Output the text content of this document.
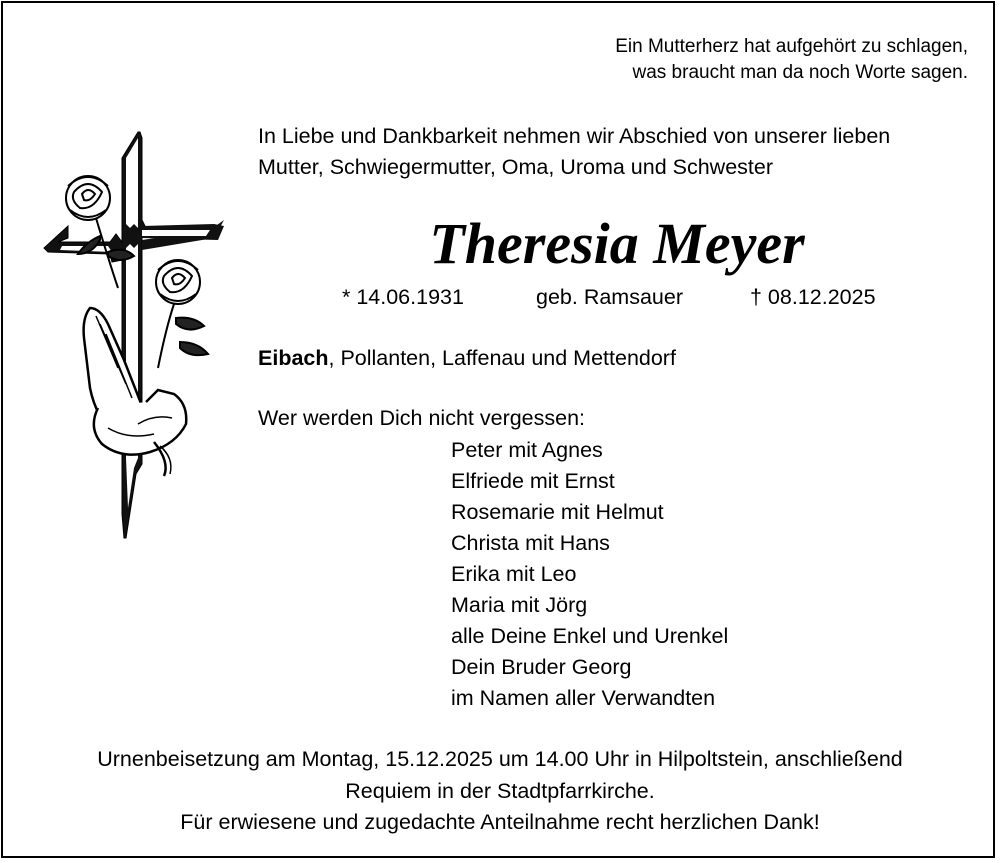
Ein Mutterherz hat aufgehört zu schlagen,
was braucht man da noch Worte sagen.
In Liebe und Dankbarkeit nehmen wir Abschied von unserer lieben
Mutter, Schwiegermutter, Oma, Uroma und Schwester
Theresia Meyer
* 14.06.1931	geb. Ramsauer	† 08.12.2025
Eibach, Pollanten, Laffenau und Mettendorf
Wer werden Dich nicht vergessen:
Peter mit Agnes
Elfriede mit Ernst
Rosemarie mit Helmut
Christa mit Hans
Erika mit Leo
Maria mit Jörg
alle Deine Enkel und Urenkel
Dein Bruder Georg
im Namen aller Verwandten
Urnenbeisetzung am Montag, 15.12.2025 um 14.00 Uhr in Hilpoltstein, anschließend
Requiem in der Stadtpfarrkirche.
Für erwiesene und zugedachte Anteilnahme recht herzlichen Dank!
